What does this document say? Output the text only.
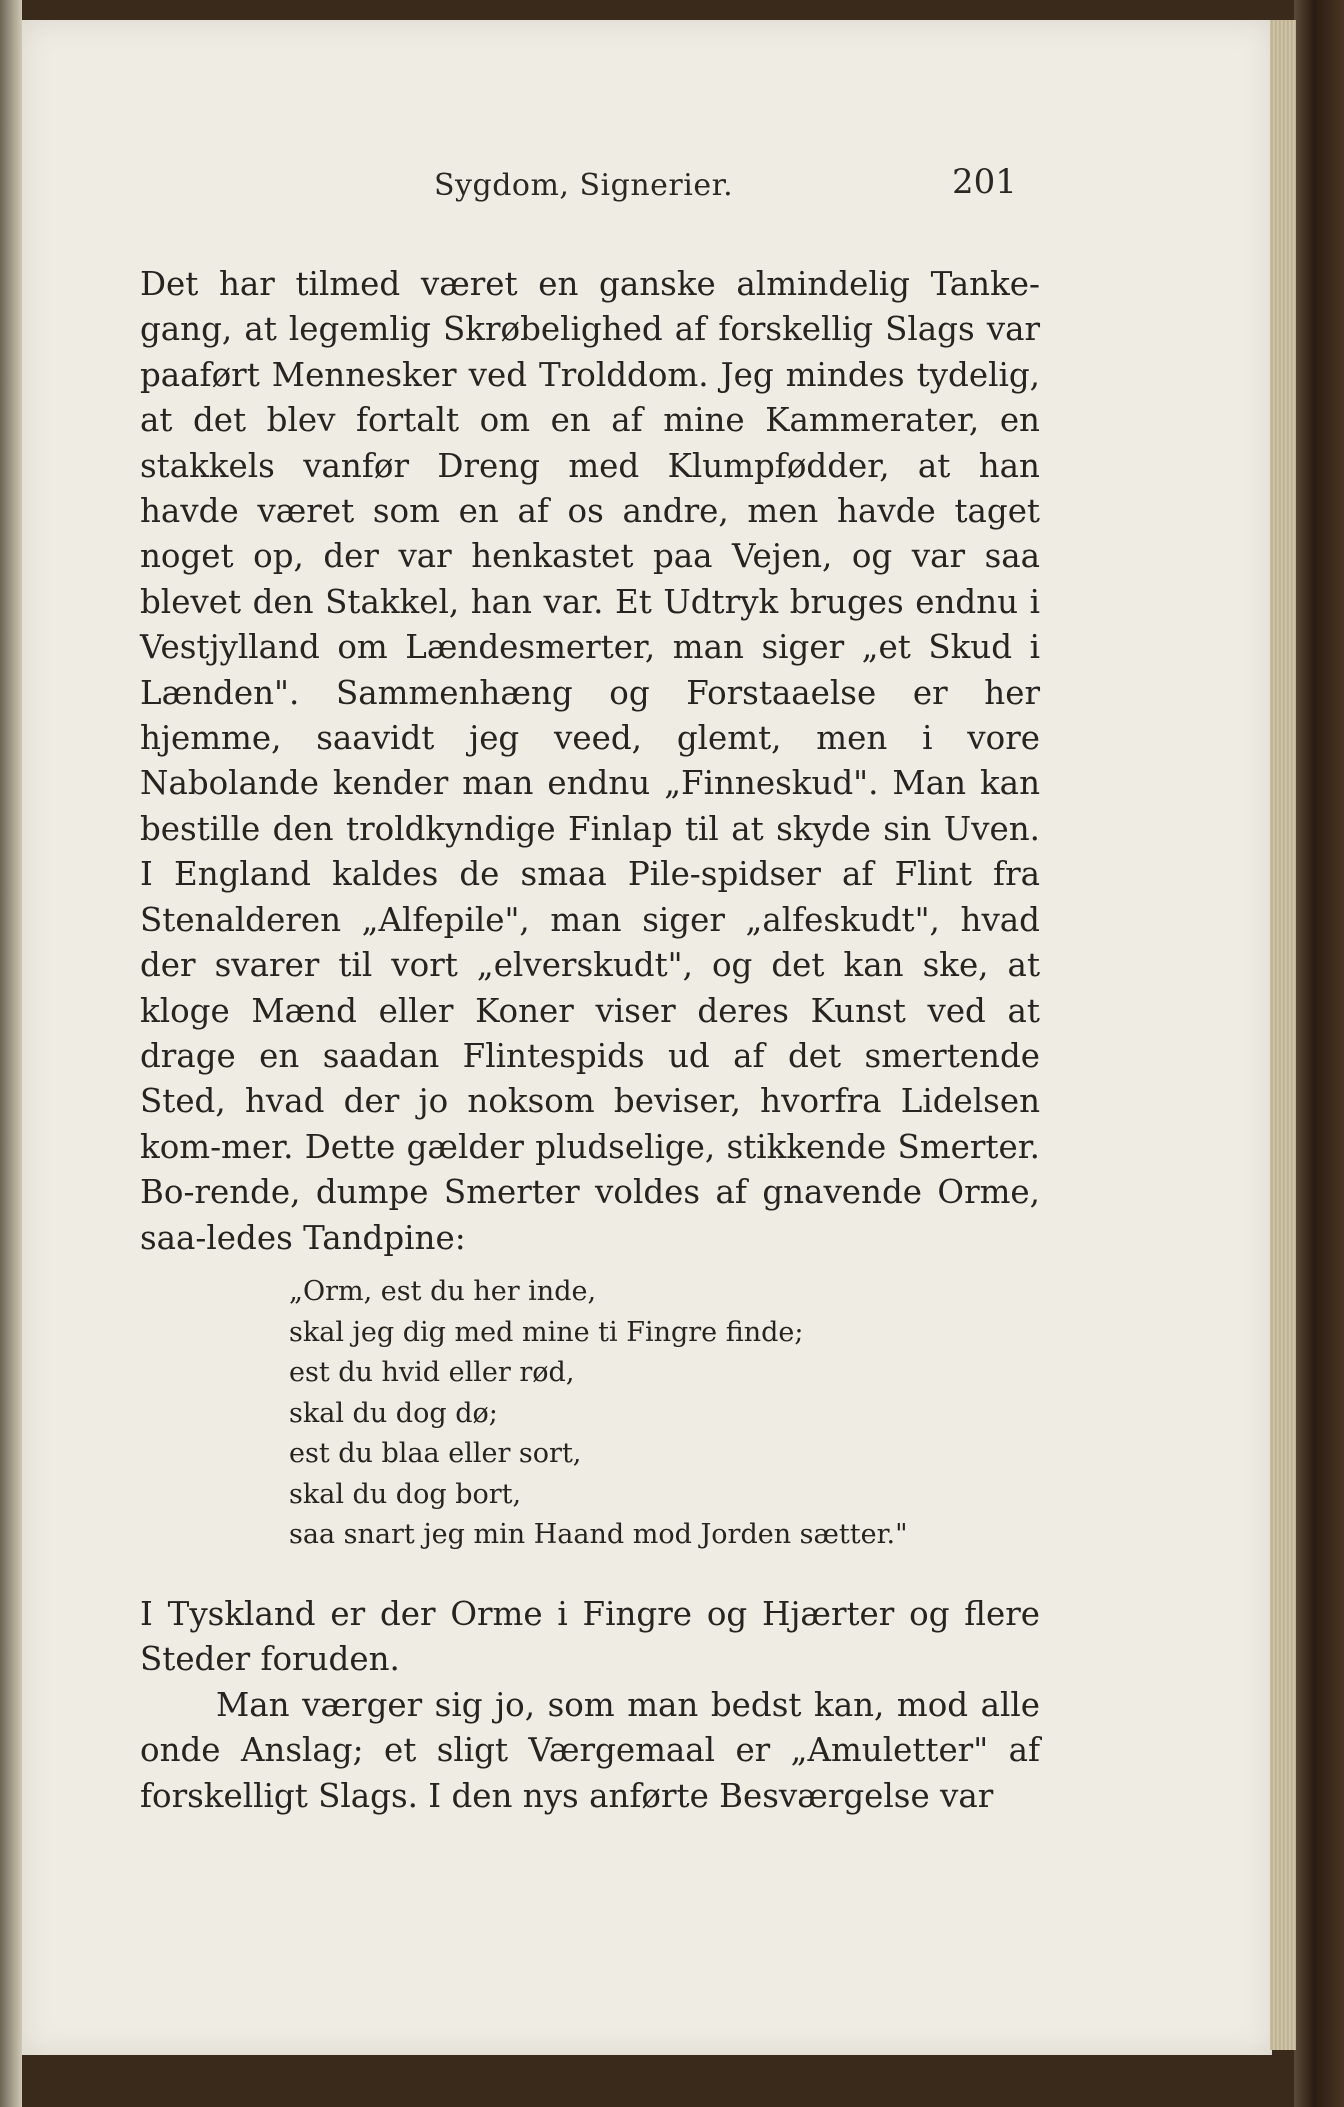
Sygdom, Signerier.	201

Det har tilmed været en ganske almindelig Tanke-gang, at legemlig Skrøbelighed af forskellig Slags var paaført Mennesker ved Trolddom. Jeg mindes tydelig, at det blev fortalt om en af mine Kammerater, en stakkels vanfør Dreng med Klumpfødder, at han havde været som en af os andre, men havde taget noget op, der var henkastet paa Vejen, og var saa blevet den Stakkel, han var. Et Udtryk bruges endnu i Vestjylland om Lændesmerter, man siger „et Skud i Lænden". Sammenhæng og Forstaaelse er her hjemme, saavidt jeg veed, glemt, men i vore Nabolande kender man endnu „Finneskud". Man kan bestille den troldkyndige Finlap til at skyde sin Uven. I England kaldes de smaa Pile-spidser af Flint fra Stenalderen „Alfepile", man siger „alfeskudt", hvad der svarer til vort „elverskudt", og det kan ske, at kloge Mænd eller Koner viser deres Kunst ved at drage en saadan Flintespids ud af det smertende Sted, hvad der jo noksom beviser, hvorfra Lidelsen kom-mer. Dette gælder pludselige, stikkende Smerter. Bo-rende, dumpe Smerter voldes af gnavende Orme, saa-ledes Tandpine:

„Orm, est du her inde,
skal jeg dig med mine ti Fingre finde;
est du hvid eller rød,
skal du dog dø;
est du blaa eller sort,
skal du dog bort,
saa snart jeg min Haand mod Jorden sætter."

I Tyskland er der Orme i Fingre og Hjærter og flere Steder foruden.

Man værger sig jo, som man bedst kan, mod alle onde Anslag; et sligt Værgemaal er „Amuletter" af forskelligt Slags. I den nys anførte Besværgelse var
